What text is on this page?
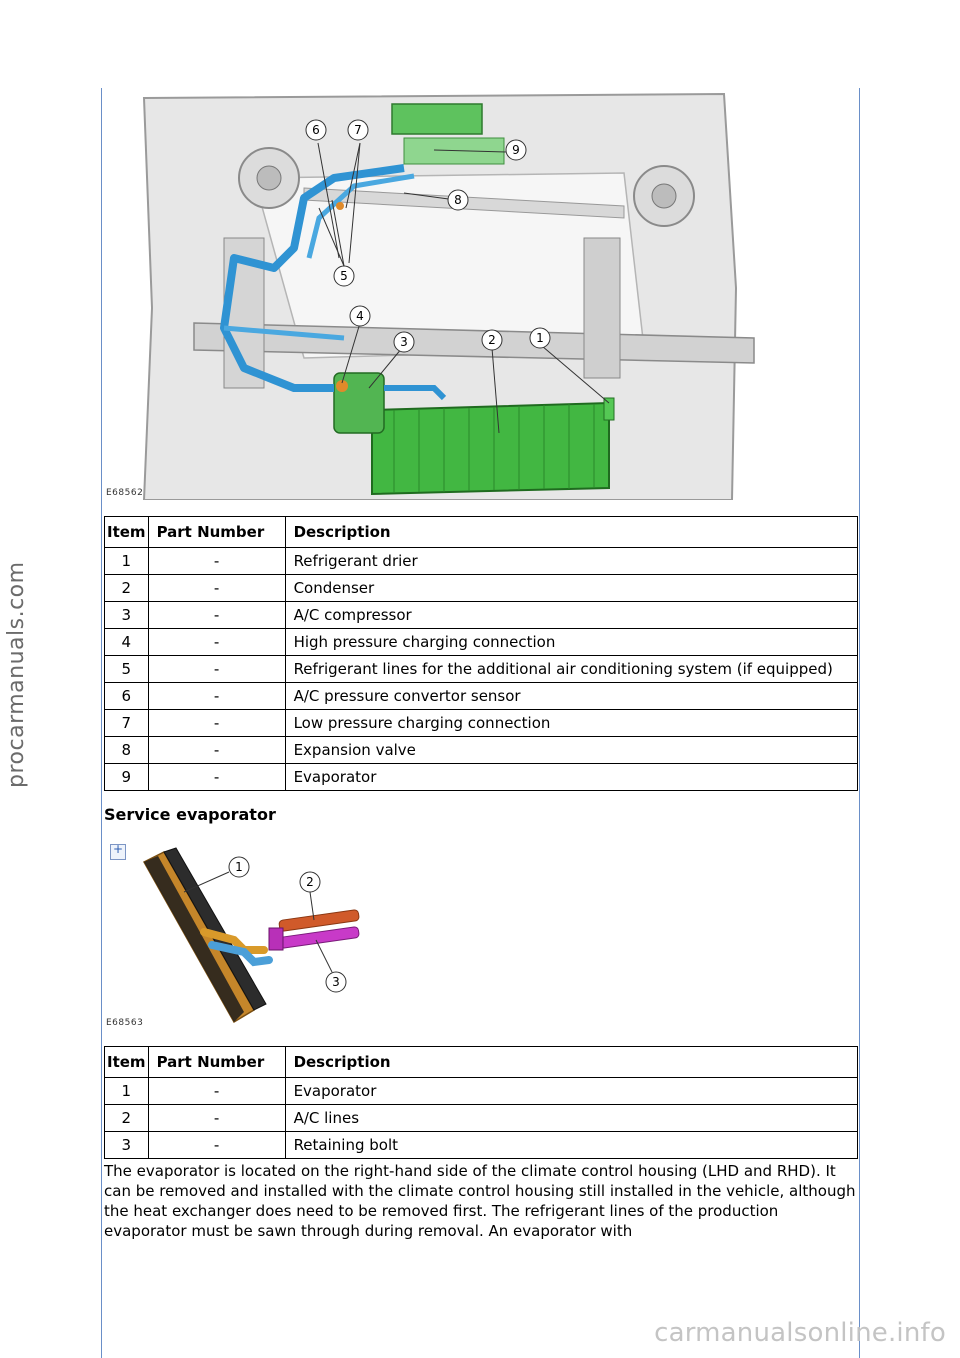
procarmanuals.com
6	7
9
8
5
4
3	2	1
E68562
Item	Part Number	Description
1	-	Refrigerant drier
2	-	Condenser
3	-	A/C compressor
4	-	High pressure charging connection
5	-	Refrigerant lines for the additional air conditioning system (if equipped)
6	-	A/C pressure convertor sensor
7	-	Low pressure charging connection
8	-	Expansion valve
9	-	Evaporator
Service evaporator
+
1
2
3
E68563
Item	Part Number	Description
1	-	Evaporator
2	-	A/C lines
3	-	Retaining bolt
The evaporator is located on the right-hand side of the climate control housing (LHD and RHD). It can be removed and installed with the climate control housing still installed in the vehicle, although the heat exchanger does need to be removed first. The refrigerant lines of the production evaporator must be sawn through during removal. An evaporator with
carmanualsonline.info
